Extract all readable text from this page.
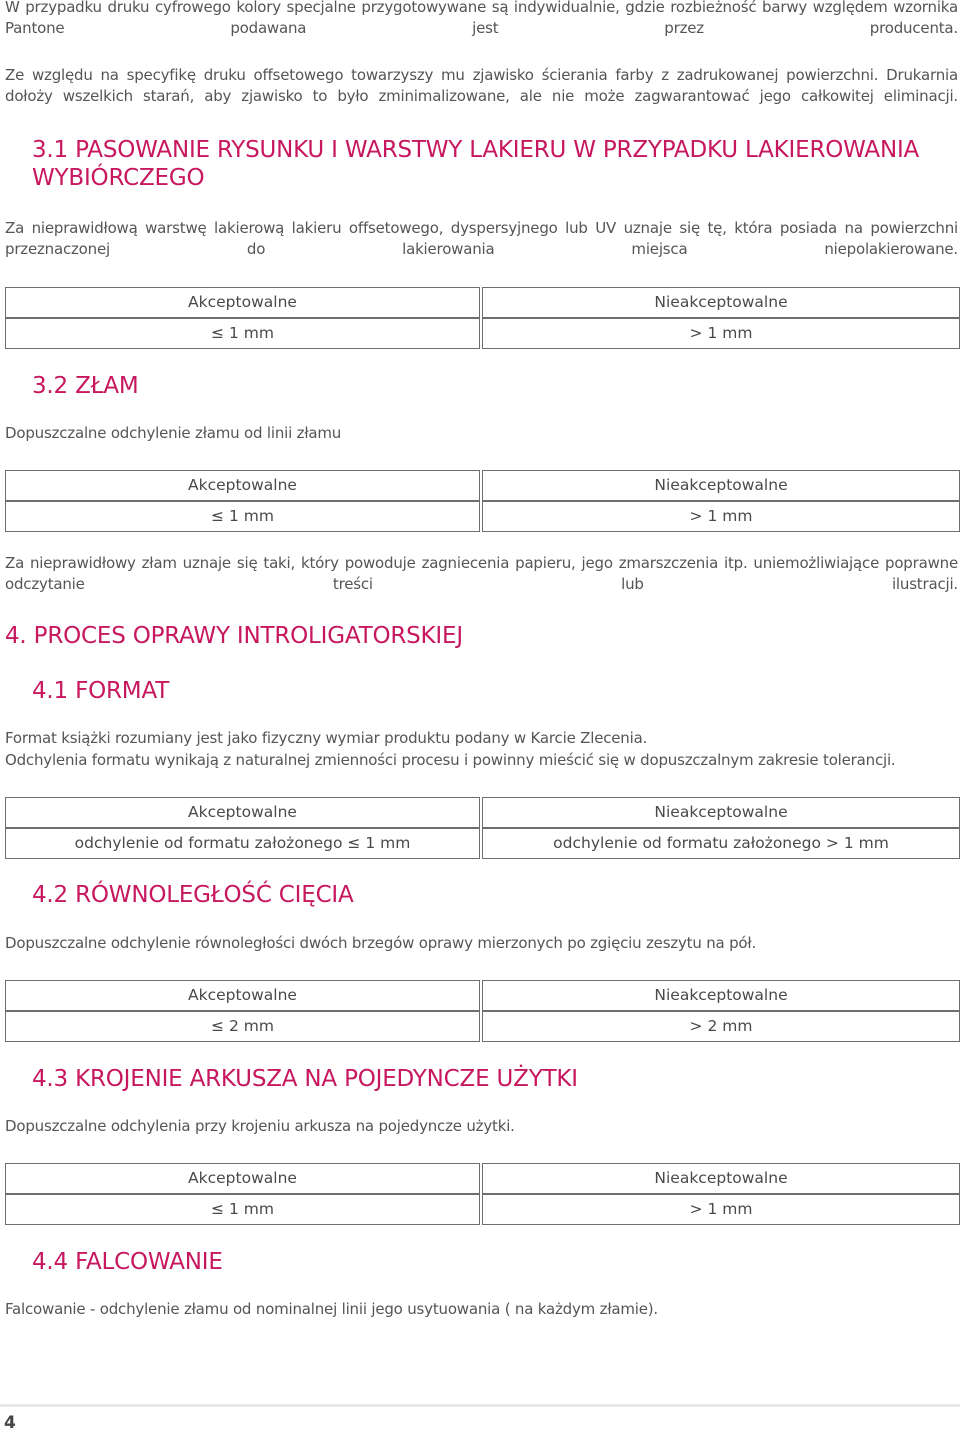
W przypadku druku cyfrowego kolory specjalne przygotowywane są indywidualnie, gdzie rozbieżność barwy względem wzornika Pantone podawana jest przez producenta.

Ze względu na specyfikę druku offsetowego towarzyszy mu zjawisko ścierania farby z zadrukowanej powierzchni. Drukarnia dołoży wszelkich starań, aby zjawisko to było zminimalizowane, ale nie może zagwarantować jego całkowitej eliminacji.

3.1 PASOWANIE RYSUNKU I WARSTWY LAKIERU W PRZYPADKU LAKIEROWANIA WYBIÓRCZEGO

Za nieprawidłową warstwę lakierową lakieru offsetowego, dyspersyjnego lub UV uznaje się tę, która posiada na powierzchni przeznaczonej do lakierowania miejsca niepolakierowane.

Akceptowalne	Nieakceptowalne
≤ 1 mm	> 1 mm
3.2 ZŁAM

Dopuszczalne odchylenie złamu od linii złamu

Akceptowalne	Nieakceptowalne
≤ 1 mm	> 1 mm

Za nieprawidłowy złam uznaje się taki, który powoduje zagniecenia papieru, jego zmarszczenia itp. uniemożliwiające poprawne odczytanie treści lub ilustracji.

4. PROCES OPRAWY INTROLIGATORSKIEJ
4.1 FORMAT

Format książki rozumiany jest jako fizyczny wymiar produktu podany w Karcie Zlecenia.

Odchylenia formatu wynikają z naturalnej zmienności procesu i powinny mieścić się w dopuszczalnym zakresie tolerancji.

Akceptowalne	Nieakceptowalne
odchylenie od formatu założonego ≤ 1 mm	odchylenie od formatu założonego > 1 mm
4.2 RÓWNOLEGŁOŚĆ CIĘCIA

Dopuszczalne odchylenie równoległości dwóch brzegów oprawy mierzonych po zgięciu zeszytu na pół.

Akceptowalne	Nieakceptowalne
≤ 2 mm	> 2 mm
4.3 KROJENIE ARKUSZA NA POJEDYNCZE UŻYTKI

Dopuszczalne odchylenia przy krojeniu arkusza na pojedyncze użytki.

Akceptowalne	Nieakceptowalne
≤ 1 mm	> 1 mm
4.4 FALCOWANIE

Falcowanie - odchylenie złamu od nominalnej linii jego usytuowania ( na każdym złamie).

4
